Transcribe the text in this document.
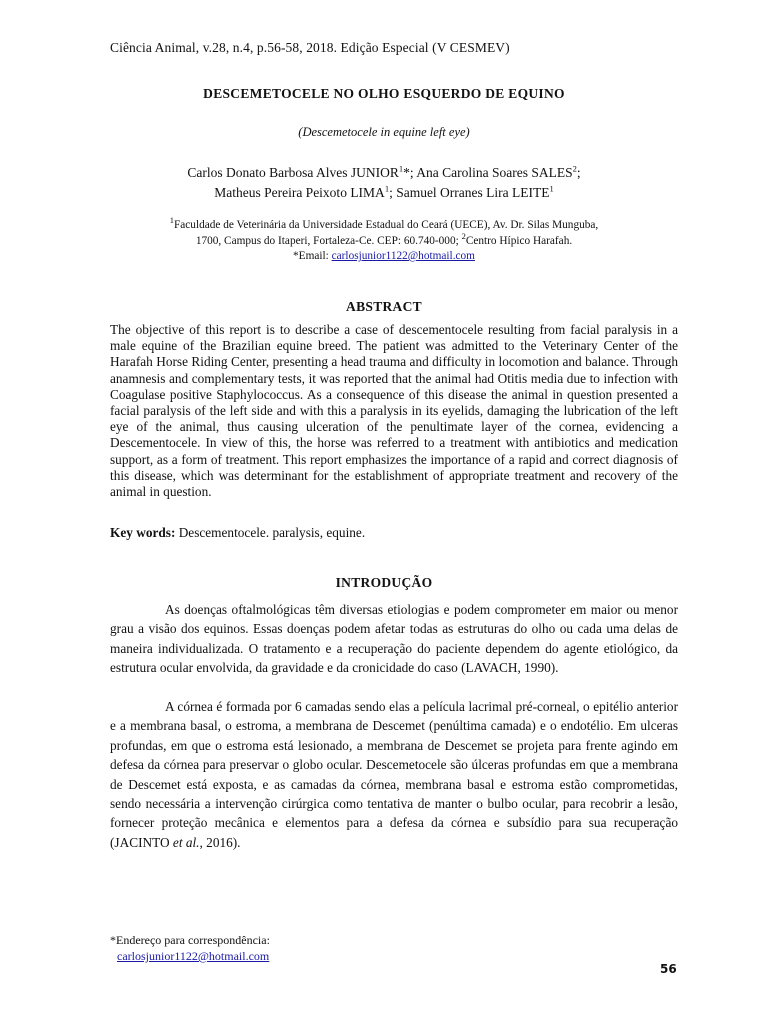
Ciência Animal, v.28, n.4, p.56-58, 2018. Edição Especial (V CESMEV)
DESCEMETOCELE NO OLHO ESQUERDO DE EQUINO
(Descemetocele in equine left eye)
Carlos Donato Barbosa Alves JUNIOR$^1$*; Ana Carolina Soares SALES$^2$;
Matheus Pereira Peixoto LIMA$^1$; Samuel Orranes Lira LEITE$^1$
$^1$Faculdade de Veterinária da Universidade Estadual do Ceará (UECE), Av. Dr. Silas Munguba,
1700, Campus do Itaperi, Fortaleza-Ce. CEP: 60.740-000; $^2$Centro Hípico Harafah.
*Email: carlosjunior1122@hotmail.com
ABSTRACT
The objective of this report is to describe a case of descementocele resulting from facial paralysis in a male equine of the Brazilian equine breed. The patient was admitted to the Veterinary Center of the Harafah Horse Riding Center, presenting a head trauma and difficulty in locomotion and balance. Through anamnesis and complementary tests, it was reported that the animal had Otitis media due to infection with Coagulase positive Staphylococcus. As a consequence of this disease the animal in question presented a facial paralysis of the left side and with this a paralysis in its eyelids, damaging the lubrication of the left eye of the animal, thus causing ulceration of the penultimate layer of the cornea, evidencing a Descementocele. In view of this, the horse was referred to a treatment with antibiotics and medication support, as a form of treatment. This report emphasizes the importance of a rapid and correct diagnosis of this disease, which was determinant for the establishment of appropriate treatment and recovery of the animal in question.
Key words: Descementocele. paralysis, equine.
INTRODUÇÃO
As doenças oftalmológicas têm diversas etiologias e podem comprometer em maior ou menor grau a visão dos equinos. Essas doenças podem afetar todas as estruturas do olho ou cada uma delas de maneira individualizada. O tratamento e a recuperação do paciente dependem do agente etiológico, da estrutura ocular envolvida, da gravidade e da cronicidade do caso (LAVACH, 1990).
A córnea é formada por 6 camadas sendo elas a película lacrimal pré-corneal, o epitélio anterior e a membrana basal, o estroma, a membrana de Descemet (penúltima camada) e o endotélio. Em ulceras profundas, em que o estroma está lesionado, a membrana de Descemet se projeta para frente agindo em defesa da córnea para preservar o globo ocular. Descemetocele são úlceras profundas em que a membrana de Descemet está exposta, e as camadas da córnea, membrana basal e estroma estão comprometidas, sendo necessária a intervenção cirúrgica como tentativa de manter o bulbo ocular, para recobrir a lesão, fornecer proteção mecânica e elementos para a defesa da córnea e subsídio para sua recuperação (JACINTO et al., 2016).
*Endereço para correspondência:
carlosjunior1122@hotmail.com
56
